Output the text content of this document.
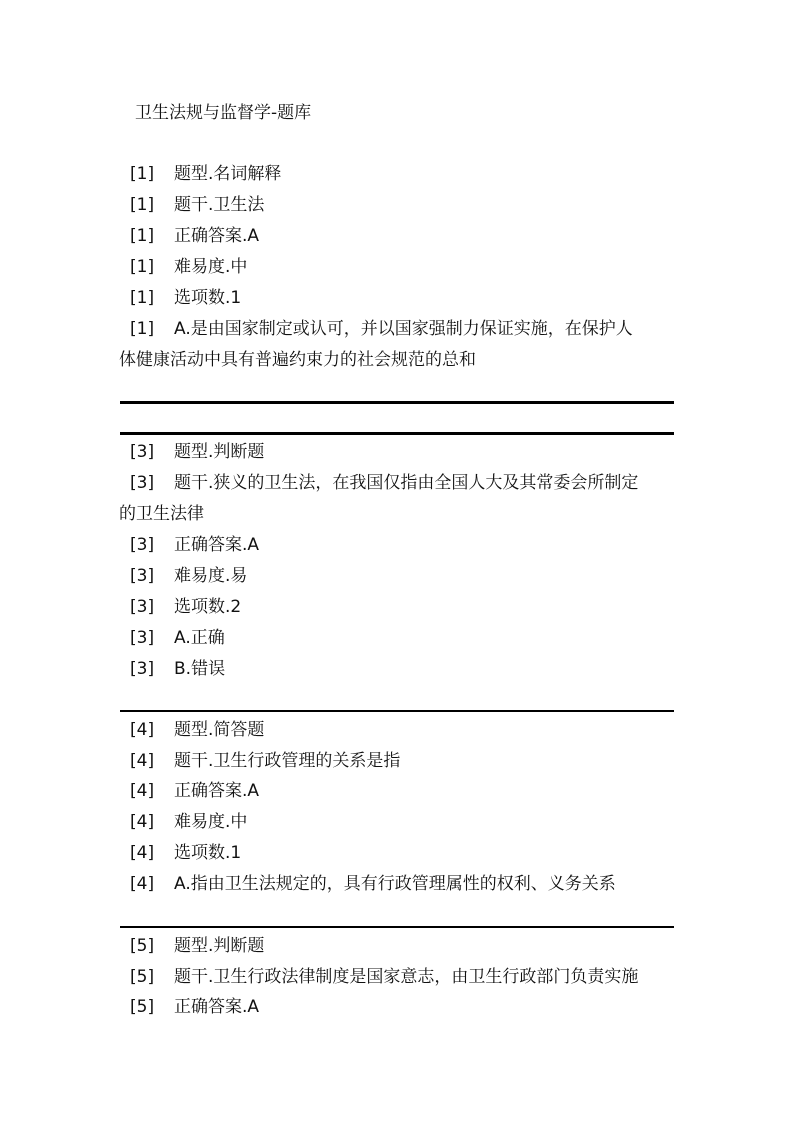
卫生法规与监督学-题库
[1] 题型.名词解释
[1] 题干.卫生法
[1] 正确答案.A
[1] 难易度.中
[1] 选项数.1
[1] A.是由国家制定或认可，并以国家强制力保证实施，在保护人
体健康活动中具有普遍约束力的社会规范的总和
[3] 题型.判断题
[3] 题干.狭义的卫生法，在我国仅指由全国人大及其常委会所制定
的卫生法律
[3] 正确答案.A
[3] 难易度.易
[3] 选项数.2
[3] A.正确
[3] B.错误
[4] 题型.简答题
[4] 题干.卫生行政管理的关系是指
[4] 正确答案.A
[4] 难易度.中
[4] 选项数.1
[4] A.指由卫生法规定的，具有行政管理属性的权利、义务关系
[5] 题型.判断题
[5] 题干.卫生行政法律制度是国家意志，由卫生行政部门负责实施
[5] 正确答案.A
